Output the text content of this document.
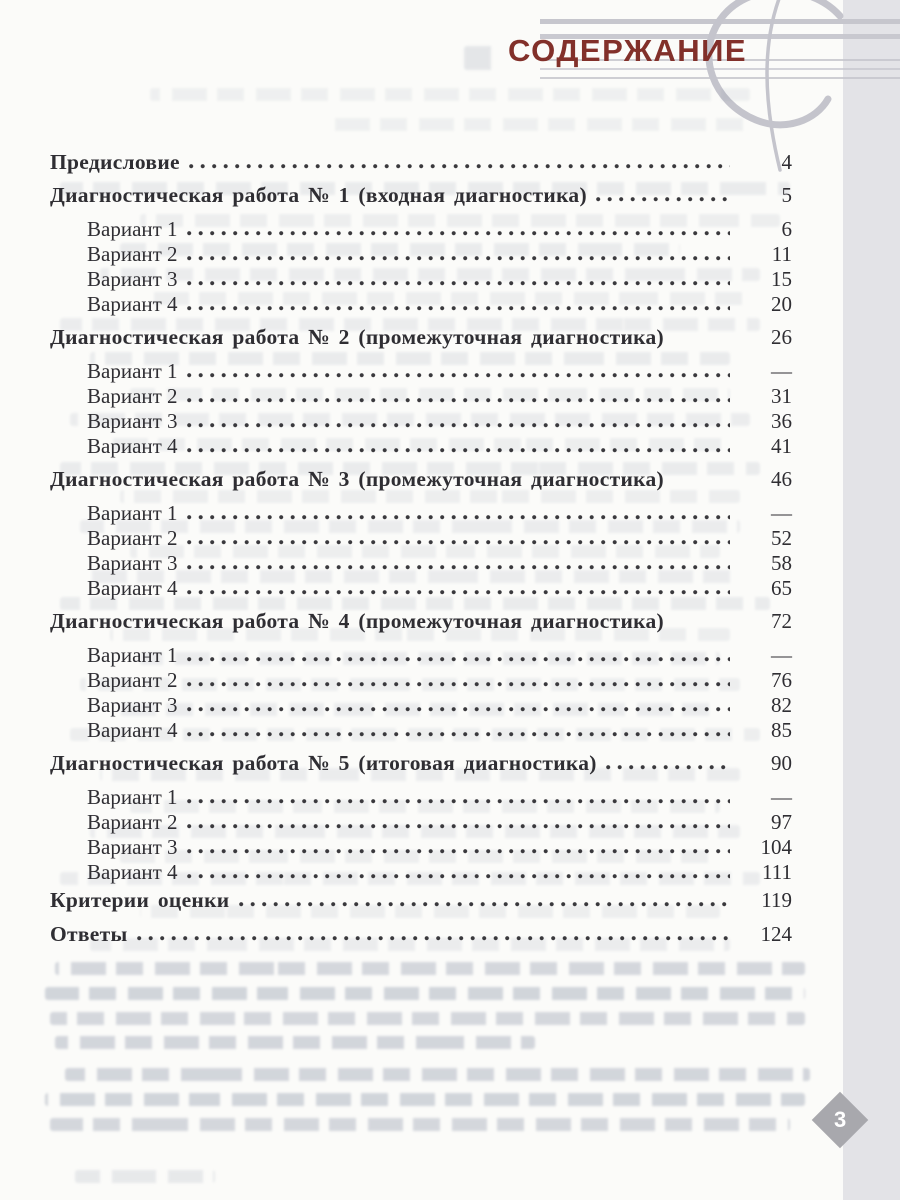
СОДЕРЖАНИЕ
Предисловие	4
Диагностическая работа № 1 (входная диагностика)	5
Вариант 1	6
Вариант 2	11
Вариант 3	15
Вариант 4	20
Диагностическая работа № 2 (промежуточная диагностика)	26
Вариант 1	—
Вариант 2	31
Вариант 3	36
Вариант 4	41
Диагностическая работа № 3 (промежуточная диагностика)	46
Вариант 1	—
Вариант 2	52
Вариант 3	58
Вариант 4	65
Диагностическая работа № 4 (промежуточная диагностика)	72
Вариант 1	—
Вариант 2	76
Вариант 3	82
Вариант 4	85
Диагностическая работа № 5 (итоговая диагностика)	90
Вариант 1	—
Вариант 2	97
Вариант 3	104
Вариант 4	111
Критерии оценки	119
Ответы	124
3
